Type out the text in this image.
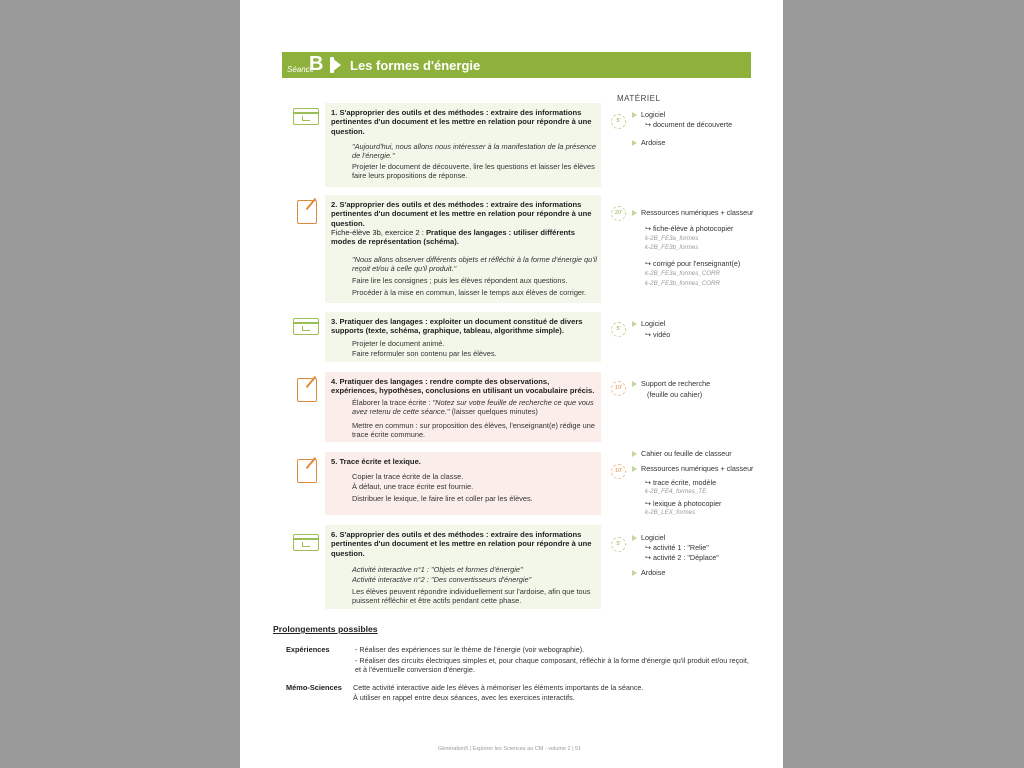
Séance
B Les formes d'énergie
MATÉRIEL
1. S'approprier des outils et des méthodes : extraire des informations pertinentes d'un document et les mettre en relation pour répondre à une question.
"Aujourd'hui, nous allons nous intéresser à la manifestation de la présence de l'énergie."
Projeter le document de découverte, lire les questions et laisser les élèves faire leurs propositions de réponse.
5'
Logiciel
↪ document de découverte
Ardoise
2. S'approprier des outils et des méthodes : extraire des informations pertinentes d'un document et les mettre en relation pour répondre à une question.
Fiche-élève 3b, exercice 2 : Pratique des langages : utiliser différents modes de représentation (schéma).
"Nous allons observer différents objets et réfléchir à la forme d'énergie qu'il reçoit et/ou à celle qu'il produit."
Faire lire les consignes ; puis les élèves répondent aux questions.
Procéder à la mise en commun, laisser le temps aux élèves de corriger.
20'	Ressources numériques + classeur
↪ fiche-élève à photocopier
k-2B_FE3a_formes
k-2B_FE3b_formes
↪ corrigé pour l'enseignant(e)
k-2B_FE3a_formes_CORR
k-2B_FE3b_formes_CORR
3. Pratiquer des langages : exploiter un document constitué de divers supports (texte, schéma, graphique, tableau, algorithme simple).
Projeter le document animé.
Faire reformuler son contenu par les élèves.
5'
Logiciel
↪ vidéo
4. Pratiquer des langages : rendre compte des observations, expériences, hypothèses, conclusions en utilisant un vocabulaire précis.
Élaborer la trace écrite : "Notez sur votre feuille de recherche ce que vous avez retenu de cette séance." (laisser quelques minutes)
Mettre en commun : sur proposition des élèves, l'enseignant(e) rédige une trace écrite commune.
10'	Support de recherche
(feuille ou cahier)
5. Trace écrite et lexique.
Copier la trace écrite de la classe.
À défaut, une trace écrite est fournie.
Distribuer le lexique, le faire lire et coller par les élèves.
10'
Cahier ou feuille de classeur
Ressources numériques + classeur
↪ trace écrite, modèle
k-2B_FE4_formes_TE
↪ lexique à photocopier
k-2B_LEX_formes
6. S'approprier des outils et des méthodes : extraire des informations pertinentes d'un document et les mettre en relation pour répondre à une question.
Activité interactive n°1 : "Objets et formes d'énergie"
Activité interactive n°2 : "Des convertisseurs d'énergie"
Les élèves peuvent répondre individuellement sur l'ardoise, afin que tous puissent réfléchir et être actifs pendant cette phase.
5'
Logiciel
↪ activité 1 : "Relie"
↪ activité 2 : "Déplace"
Ardoise
Prolongements possibles
Expériences	- Réaliser des expériences sur le thème de l'énergie (voir webographie).
- Réaliser des circuits électriques simples et, pour chaque composant, réfléchir à la forme d'énergie qu'il produit et/ou reçoit, et à l'éventuelle conversion d'énergie.
Mémo-Sciences Cette activité interactive aide les élèves à mémoriser les éléments importants de la séance.
À utiliser en rappel entre deux séances, avec les exercices interactifs.
Génération5 | Explorer les Sciences au CM - volume 2 | 51
